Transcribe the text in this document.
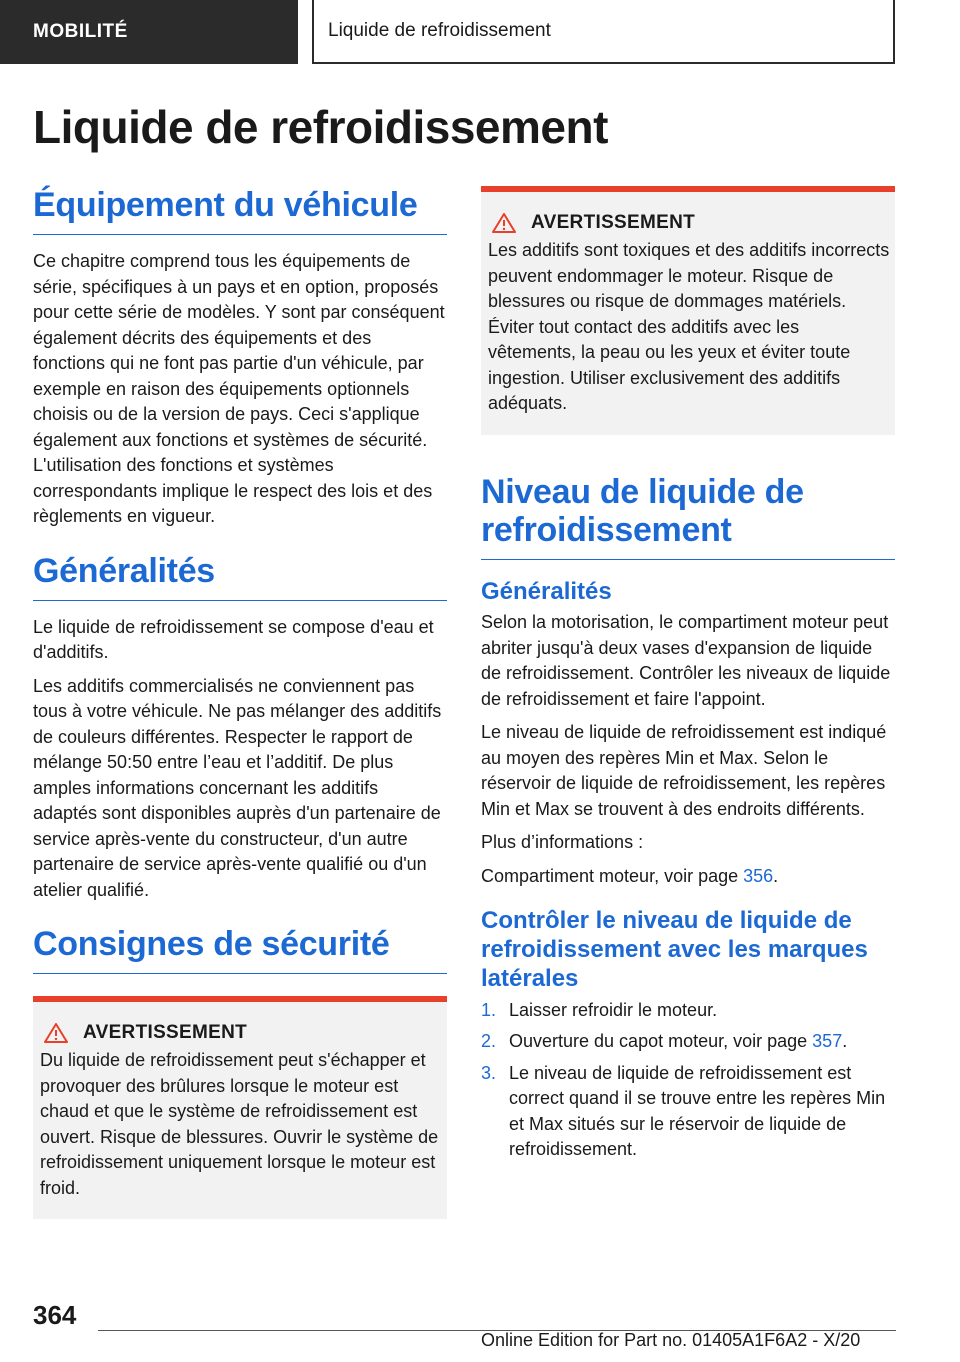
MOBILITÉ	Liquide de refroidissement
Liquide de refroidissement
Équipement du véhicule

Ce chapitre comprend tous les équipements de série, spécifiques à un pays et en option, proposés pour cette série de modèles. Y sont par conséquent également décrits des équipements et des fonctions qui ne font pas partie d'un véhicule, par exemple en raison des équipements optionnels choisis ou de la version de pays. Ceci s'applique également aux fonctions et systèmes de sécurité. L'utilisation des fonctions et systèmes correspondants implique le respect des lois et des règlements en vigueur.

Généralités

Le liquide de refroidissement se compose d'eau et d'additifs.

Les additifs commercialisés ne conviennent pas tous à votre véhicule. Ne pas mélanger des additifs de couleurs différentes. Respecter le rapport de mélange 50:50 entre l’eau et l’additif. De plus amples informations concernant les additifs adaptés sont disponibles auprès d'un partenaire de service après-vente du constructeur, d'un autre partenaire de service après-vente qualifié ou d'un atelier qualifié.

Consignes de sécurité
AVERTISSEMENT

Du liquide de refroidissement peut s'échapper et provoquer des brûlures lorsque le moteur est chaud et que le système de refroidissement est ouvert. Risque de blessures. Ouvrir le système de refroidissement uniquement lorsque le moteur est froid.

AVERTISSEMENT

Les additifs sont toxiques et des additifs incorrects peuvent endommager le moteur. Risque de blessures ou risque de dommages matériels. Éviter tout contact des additifs avec les vêtements, la peau ou les yeux et éviter toute ingestion. Utiliser exclusivement des additifs adéquats.

Niveau de liquide de refroidissement
Généralités

Selon la motorisation, le compartiment moteur peut abriter jusqu'à deux vases d'expansion de liquide de refroidissement. Contrôler les niveaux de liquide de refroidissement et faire l'appoint.

Le niveau de liquide de refroidissement est indiqué au moyen des repères Min et Max. Selon le réservoir de liquide de refroidissement, les repères Min et Max se trouvent à des endroits différents.

Plus d’informations :

Compartiment moteur, voir page 356.

Contrôler le niveau de liquide de refroidissement avec les marques latérales
1. Laisser refroidir le moteur.
2. Ouverture du capot moteur, voir page 357.
3. Le niveau de liquide de refroidissement est correct quand il se trouve entre les repères Min et Max situés sur le réservoir de liquide de refroidissement.
364
Online Edition for Part no. 01405A1F6A2 - X/20
